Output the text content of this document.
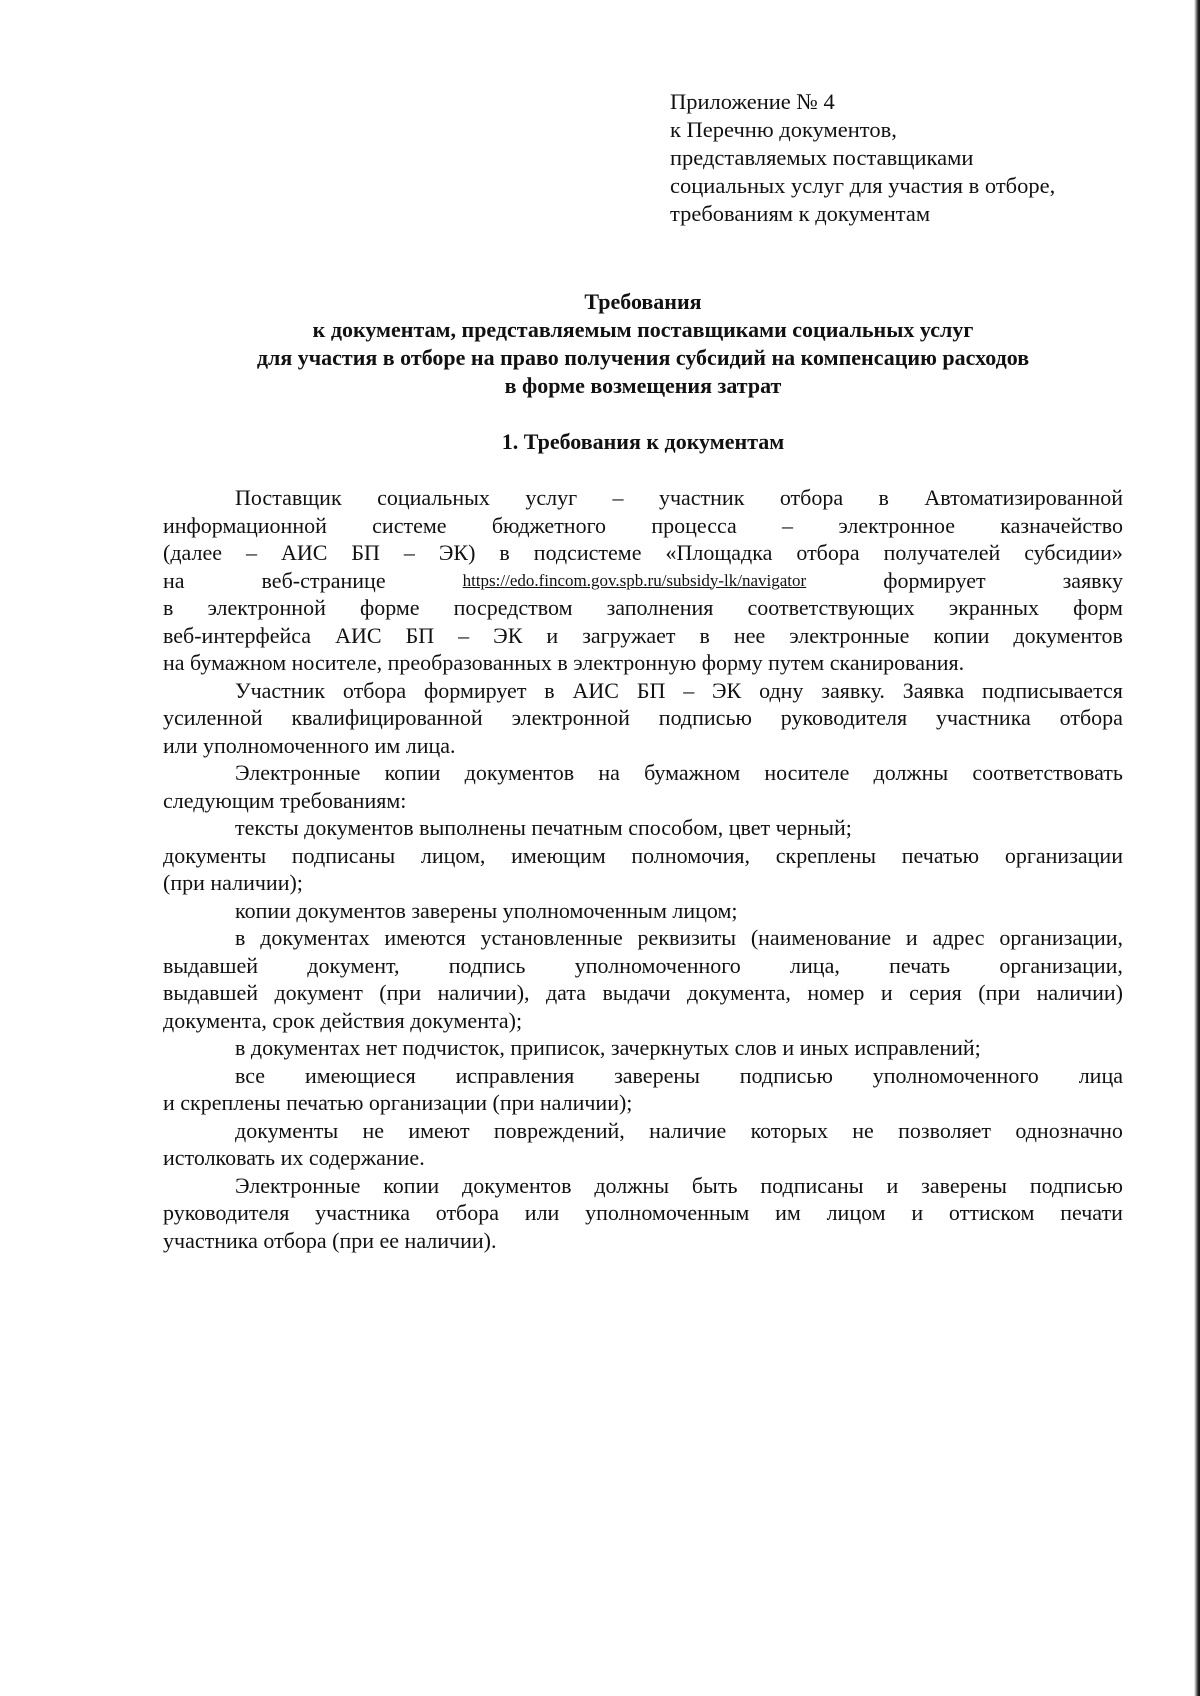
Приложение № 4
к Перечню документов,
представляемых поставщиками
социальных услуг для участия в отборе,
требованиям к документам
Требования
к документам, представляемым поставщиками социальных услуг
для участия в отборе на право получения субсидий на компенсацию расходов
в форме возмещения затрат
1. Требования к документам
Поставщик социальных услуг – участник отбора в Автоматизированной
информационной системе бюджетного процесса – электронное казначейство
(далее – АИС БП – ЭК) в подсистеме «Площадка отбора получателей субсидии»
на	веб-странице	https://edo.fincom.gov.spb.ru/subsidy-lk/navigator	формирует	заявку
в электронной форме посредством заполнения соответствующих экранных форм
веб-интерфейса АИС БП – ЭК и загружает в нее электронные копии документов
на бумажном носителе, преобразованных в электронную форму путем сканирования.
Участник отбора формирует в АИС БП – ЭК одну заявку. Заявка подписывается
усиленной квалифицированной электронной подписью руководителя участника отбора
или уполномоченного им лица.
Электронные копии документов на бумажном носителе должны соответствовать
следующим требованиям:
тексты документов выполнены печатным способом, цвет черный;
документы подписаны лицом, имеющим полномочия, скреплены печатью организации
(при наличии);
копии документов заверены уполномоченным лицом;
в документах имеются установленные реквизиты (наименование и адрес организации,
выдавшей документ, подпись уполномоченного лица, печать организации,
выдавшей документ (при наличии), дата выдачи документа, номер и серия (при наличии)
документа, срок действия документа);
в документах нет подчисток, приписок, зачеркнутых слов и иных исправлений;
все имеющиеся исправления заверены подписью уполномоченного лица
и скреплены печатью организации (при наличии);
документы не имеют повреждений, наличие которых не позволяет однозначно
истолковать их содержание.
Электронные копии документов должны быть подписаны и заверены подписью
руководителя участника отбора или уполномоченным им лицом и оттиском печати
участника отбора (при ее наличии).
